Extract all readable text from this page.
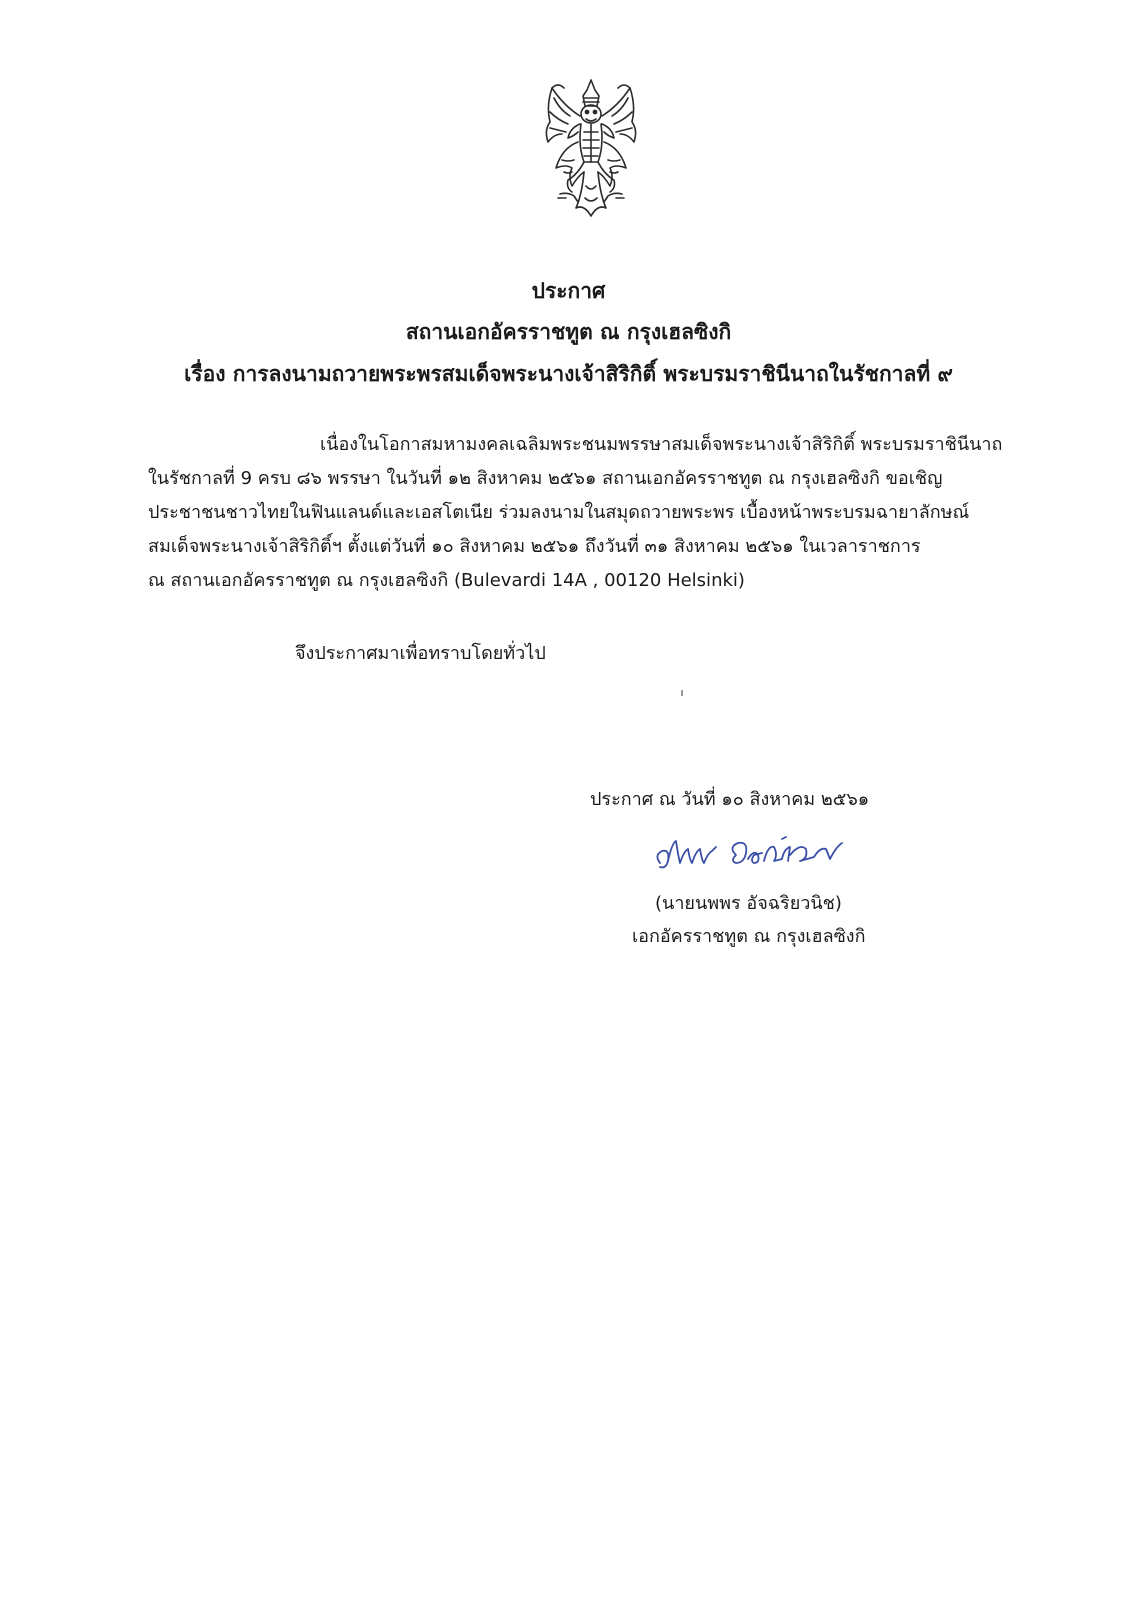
ประกาศ
สถานเอกอัครราชทูต ณ กรุงเฮลซิงกิ
เรื่อง การลงนามถวายพระพรสมเด็จพระนางเจ้าสิริกิติ์ พระบรมราชินีนาถในรัชกาลที่ ๙
เนื่องในโอกาสมหามงคลเฉลิมพระชนมพรรษาสมเด็จพระนางเจ้าสิริกิติ์ พระบรมราชินีนาถ
ในรัชกาลที่ 9 ครบ ๘๖ พรรษา ในวันที่ ๑๒ สิงหาคม ๒๕๖๑ สถานเอกอัครราชทูต ณ กรุงเฮลซิงกิ ขอเชิญ
ประชาชนชาวไทยในฟินแลนด์และเอสโตเนีย ร่วมลงนามในสมุดถวายพระพร เบื้องหน้าพระบรมฉายาลักษณ์
สมเด็จพระนางเจ้าสิริกิติ์ฯ ตั้งแต่วันที่ ๑๐ สิงหาคม ๒๕๖๑ ถึงวันที่ ๓๑ สิงหาคม ๒๕๖๑ ในเวลาราชการ
ณ สถานเอกอัครราชทูต ณ กรุงเฮลซิงกิ (Bulevardi 14A , 00120 Helsinki)
จึงประกาศมาเพื่อทราบโดยทั่วไป
ประกาศ ณ วันที่ ๑๐ สิงหาคม ๒๕๖๑
(นายนพพร อัจฉริยวนิช)
เอกอัครราชทูต ณ กรุงเฮลซิงกิ
